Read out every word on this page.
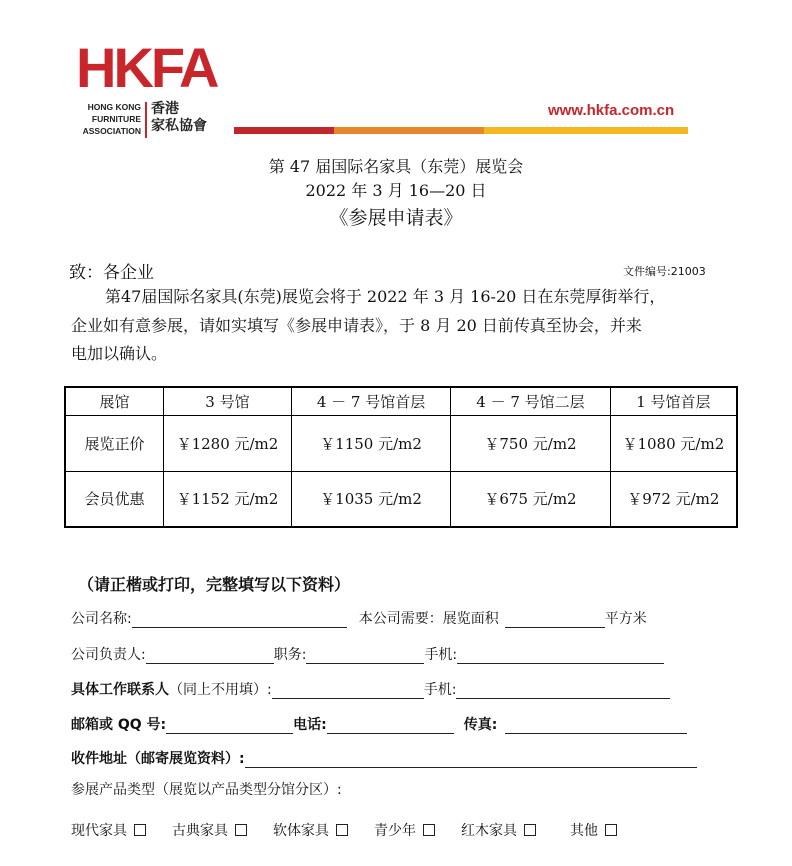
HKFA
HONG KONG
FURNITURE
ASSOCIATION
香港
家私協會
www.hkfa.com.cn
第 47 届国际名家具（东莞）展览会
2022 年 3 月 16—20 日
《参展申请表》
致：各企业	文件编号:21003
第47届国际名家具(东莞)展览会将于 2022 年 3 月 16-20 日在东莞厚街举行，
企业如有意参展，请如实填写《参展申请表》，于 8 月 20 日前传真至协会，并来
电加以确认。
展馆	3 号馆	4 － 7 号馆首层	4 － 7 号馆二层	1 号馆首层
展览正价	￥1280 元/m2	￥1150 元/m2	￥750 元/m2	￥1080 元/m2
会员优惠	￥1152 元/m2	￥1035 元/m2	￥675 元/m2	￥972 元/m2
（请正楷或打印，完整填写以下资料）
公司名称:	本公司需要：展览面积	平方米
公司负责人:	职务:	手机:
具体工作联系人 （同上不用填）:	手机:
邮箱或 QQ 号:	电话:	传真:
收件地址（邮寄展览资料）:
参展产品类型（展览以产品类型分馆分区）:
现代家具	古典家具	软体家具	青少年	红木家具	其他
